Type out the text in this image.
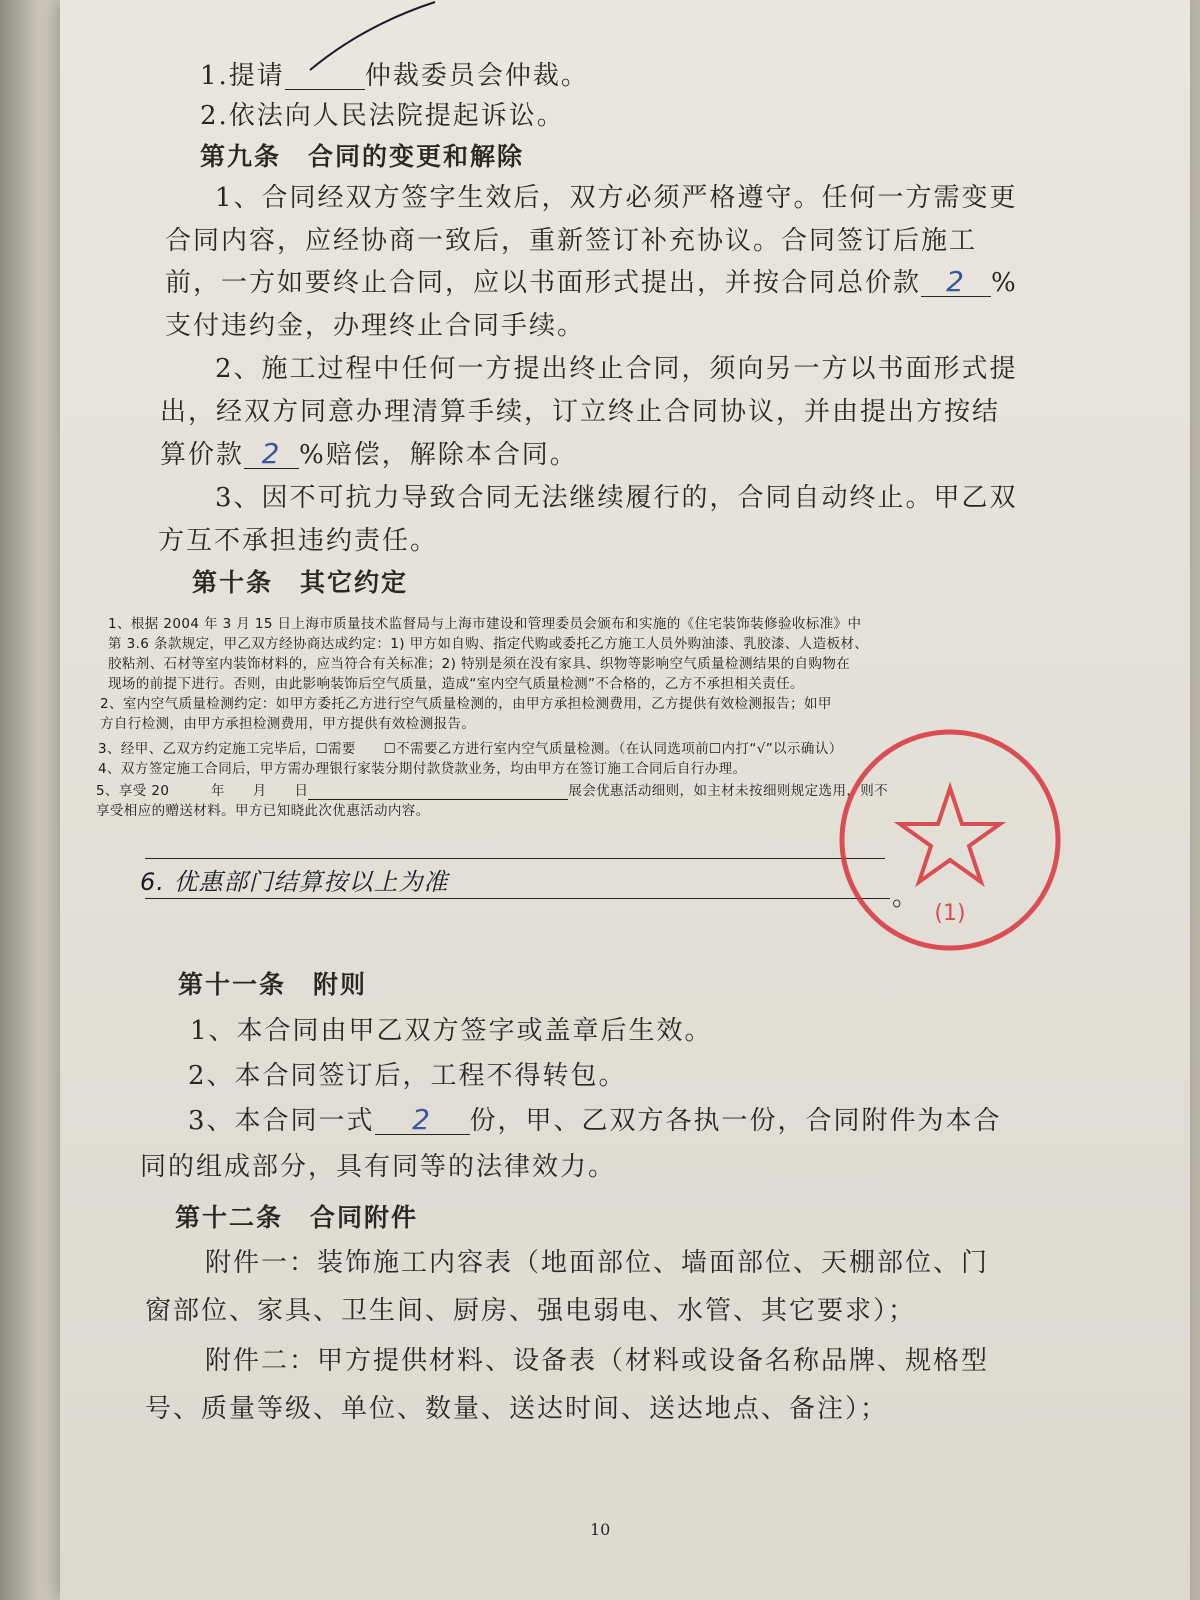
1.提请	仲裁委员会仲裁。
2.依法向人民法院提起诉讼。
第九条　合同的变更和解除
1、合同经双方签字生效后，双方必须严格遵守。任何一方需变更
合同内容，应经协商一致后，重新签订补充协议。合同签订后施工
前，一方如要终止合同，应以书面形式提出，并按合同总价款 2 %
支付违约金，办理终止合同手续。
2、施工过程中任何一方提出终止合同，须向另一方以书面形式提
出，经双方同意办理清算手续，订立终止合同协议，并由提出方按结
算价款 2 %赔偿，解除本合同。
3、因不可抗力导致合同无法继续履行的，合同自动终止。甲乙双
方互不承担违约责任。
第十条　其它约定
1、根据 2004 年 3 月 15 日上海市质量技术监督局与上海市建设和管理委员会颁布和实施的《住宅装饰装修验收标准》中
第 3.6 条款规定，甲乙双方经协商达成约定：1) 甲方如自购、指定代购或委托乙方施工人员外购油漆、乳胶漆、人造板材、
胶粘剂、石材等室内装饰材料的，应当符合有关标准；2) 特别是须在没有家具、织物等影响空气质量检测结果的自购物在
现场的前提下进行。否则，由此影响装饰后空气质量，造成“室内空气质量检测”不合格的，乙方不承担相关责任。
2、室内空气质量检测约定：如甲方委托乙方进行空气质量检测的，由甲方承担检测费用，乙方提供有效检测报告；如甲
方自行检测，由甲方承担检测费用，甲方提供有效检测报告。
3、经甲、乙双方约定施工完毕后，☐需要　　☐不需要乙方进行室内空气质量检测。（在认同选项前☐内打“√”以示确认）
4、双方签定施工合同后，甲方需办理银行家装分期付款贷款业务，均由甲方在签订施工合同后自行办理。
5、享受 20　　　年　　月　　日	展会优惠活动细则，如主材未按细则规定选用，则不
享受相应的赠送材料。甲方已知晓此次优惠活动内容。
6. 优惠部门结算按以上为准	。
(1)
第十一条　附则
1、本合同由甲乙双方签字或盖章后生效。
2、本合同签订后，工程不得转包。
3、本合同一式 2 份，甲、乙双方各执一份，合同附件为本合
同的组成部分，具有同等的法律效力。
第十二条　合同附件
附件一：装饰施工内容表（地面部位、墙面部位、天棚部位、门
窗部位、家具、卫生间、厨房、强电弱电、水管、其它要求）；
附件二：甲方提供材料、设备表（材料或设备名称品牌、规格型
号、质量等级、单位、数量、送达时间、送达地点、备注）；
10
